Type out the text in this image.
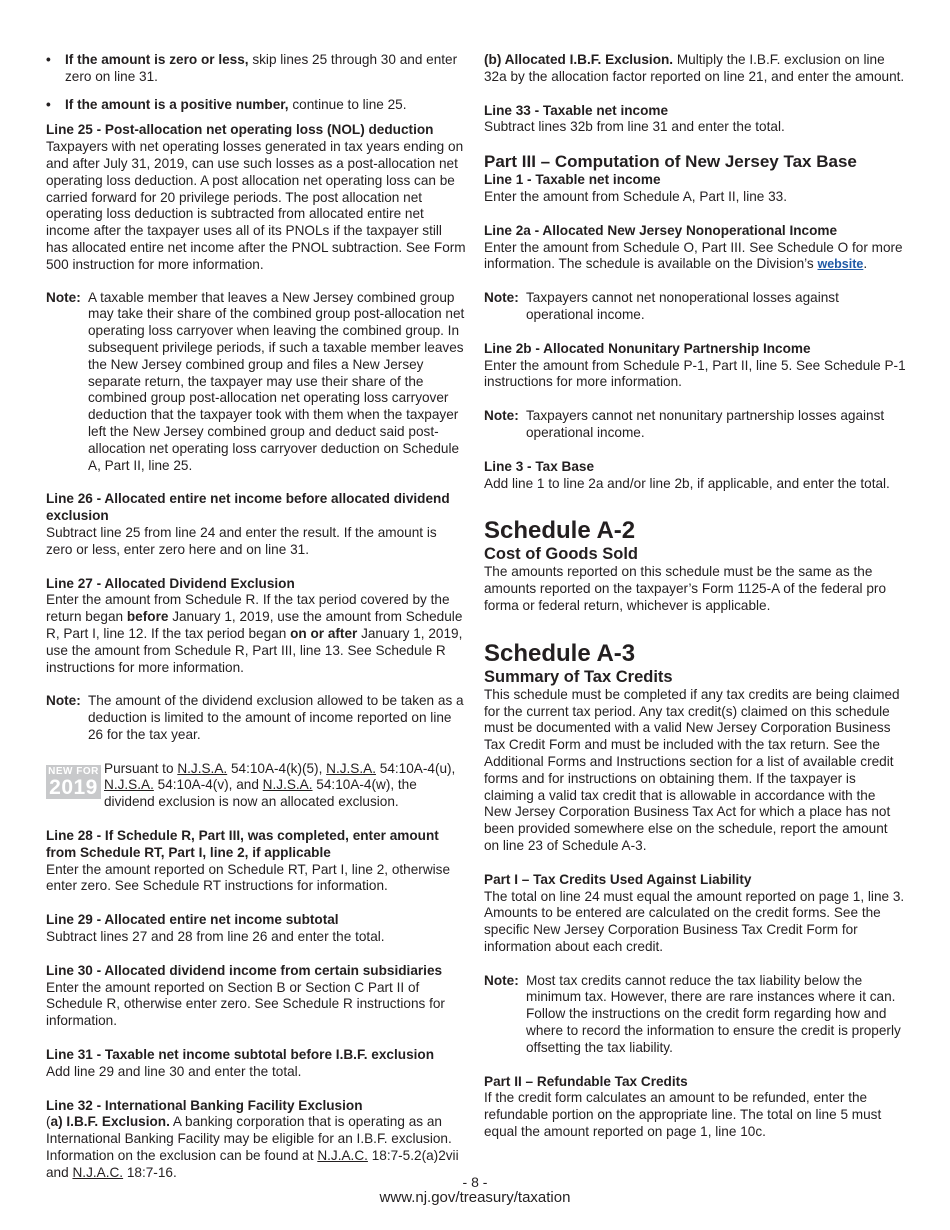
• If the amount is zero or less, skip lines 25 through 30 and enter zero on line 31.
• If the amount is a positive number, continue to line 25.

Line 25 - Post-allocation net operating loss (NOL) deduction

Taxpayers with net operating losses generated in tax years ending on and after July 31, 2019, can use such losses as a post-allocation net operating loss deduction. A post allocation net operating loss can be carried forward for 20 privilege periods. The post allocation net operating loss deduction is subtracted from allocated entire net income after the taxpayer uses all of its PNOLs if the taxpayer still has allocated entire net income after the PNOL subtraction. See Form 500 instruction for more information.

Note: A taxable member that leaves a New Jersey combined group may take their share of the combined group post-allocation net operating loss carryover when leaving the combined group. In subsequent privilege periods, if such a taxable member leaves the New Jersey combined group and files a New Jersey separate return, the taxpayer may use their share of the combined group post-allocation net operating loss carryover deduction that the taxpayer took with them when the taxpayer left the New Jersey combined group and deduct said post-allocation net operating loss carryover deduction on Schedule A, Part II, line 25.

Line 26 - Allocated entire net income before allocated dividend exclusion

Subtract line 25 from line 24 and enter the result. If the amount is zero or less, enter zero here and on line 31.

Line 27 - Allocated Dividend Exclusion

Enter the amount from Schedule R. If the tax period covered by the return began before January 1, 2019, use the amount from Schedule R, Part I, line 12. If the tax period began on or after January 1, 2019, use the amount from Schedule R, Part III, line 13. See Schedule R instructions for more information.

Note: The amount of the dividend exclusion allowed to be taken as a deduction is limited to the amount of income reported on line 26 for the tax year.

NEW FOR
2019

Pursuant to N.J.S.A. 54:10A-4(k)(5), N.J.S.A. 54:10A-4(u), N.J.S.A. 54:10A-4(v), and N.J.S.A. 54:10A-4(w), the dividend exclusion is now an allocated exclusion.

Line 28 - If Schedule R, Part III, was completed, enter amount from Schedule RT, Part I, line 2, if applicable

Enter the amount reported on Schedule RT, Part I, line 2, otherwise enter zero. See Schedule RT instructions for information.

Line 29 - Allocated entire net income subtotal

Subtract lines 27 and 28 from line 26 and enter the total.

Line 30 - Allocated dividend income from certain subsidiaries

Enter the amount reported on Section B or Section C Part II of Schedule R, otherwise enter zero. See Schedule R instructions for information.

Line 31 - Taxable net income subtotal before I.B.F. exclusion

Add line 29 and line 30 and enter the total.

Line 32 - International Banking Facility Exclusion

(a) I.B.F. Exclusion. A banking corporation that is operating as an International Banking Facility may be eligible for an I.B.F. exclusion. Information on the exclusion can be found at N.J.A.C. 18:7-5.2(a)2vii and N.J.A.C. 18:7-16.

(b) Allocated I.B.F. Exclusion. Multiply the I.B.F. exclusion on line 32a by the allocation factor reported on line 21, and enter the amount.

Line 33 - Taxable net income

Subtract lines 32b from line 31 and enter the total.

Part III – Computation of New Jersey Tax Base

Line 1 - Taxable net income

Enter the amount from Schedule A, Part II, line 33.

Line 2a - Allocated New Jersey Nonoperational Income

Enter the amount from Schedule O, Part III. See Schedule O for more information. The schedule is available on the Division’s website.

Note: Taxpayers cannot net nonoperational losses against operational income.

Line 2b - Allocated Nonunitary Partnership Income

Enter the amount from Schedule P-1, Part II, line 5. See Schedule P-1 instructions for more information.

Note: Taxpayers cannot net nonunitary partnership losses against operational income.

Line 3 - Tax Base

Add line 1 to line 2a and/or line 2b, if applicable, and enter the total.

Schedule A-2

Cost of Goods Sold

The amounts reported on this schedule must be the same as the amounts reported on the taxpayer’s Form 1125-A of the federal pro forma or federal return, whichever is applicable.

Schedule A-3

Summary of Tax Credits

This schedule must be completed if any tax credits are being claimed for the current tax period. Any tax credit(s) claimed on this schedule must be documented with a valid New Jersey Corporation Business Tax Credit Form and must be included with the tax return. See the Additional Forms and Instructions section for a list of available credit forms and for instructions on obtaining them. If the taxpayer is claiming a valid tax credit that is allowable in accordance with the New Jersey Corporation Business Tax Act for which a place has not been provided somewhere else on the schedule, report the amount on line 23 of Schedule A-3.

Part I – Tax Credits Used Against Liability

The total on line 24 must equal the amount reported on page 1, line 3. Amounts to be entered are calculated on the credit forms. See the specific New Jersey Corporation Business Tax Credit Form for information about each credit.

Note: Most tax credits cannot reduce the tax liability below the minimum tax. However, there are rare instances where it can. Follow the instructions on the credit form regarding how and where to record the information to ensure the credit is properly offsetting the tax liability.

Part II – Refundable Tax Credits

If the credit form calculates an amount to be refunded, enter the refundable portion on the appropriate line. The total on line 5 must equal the amount reported on page 1, line 10c.

- 8 -
www.nj.gov/treasury/taxation
